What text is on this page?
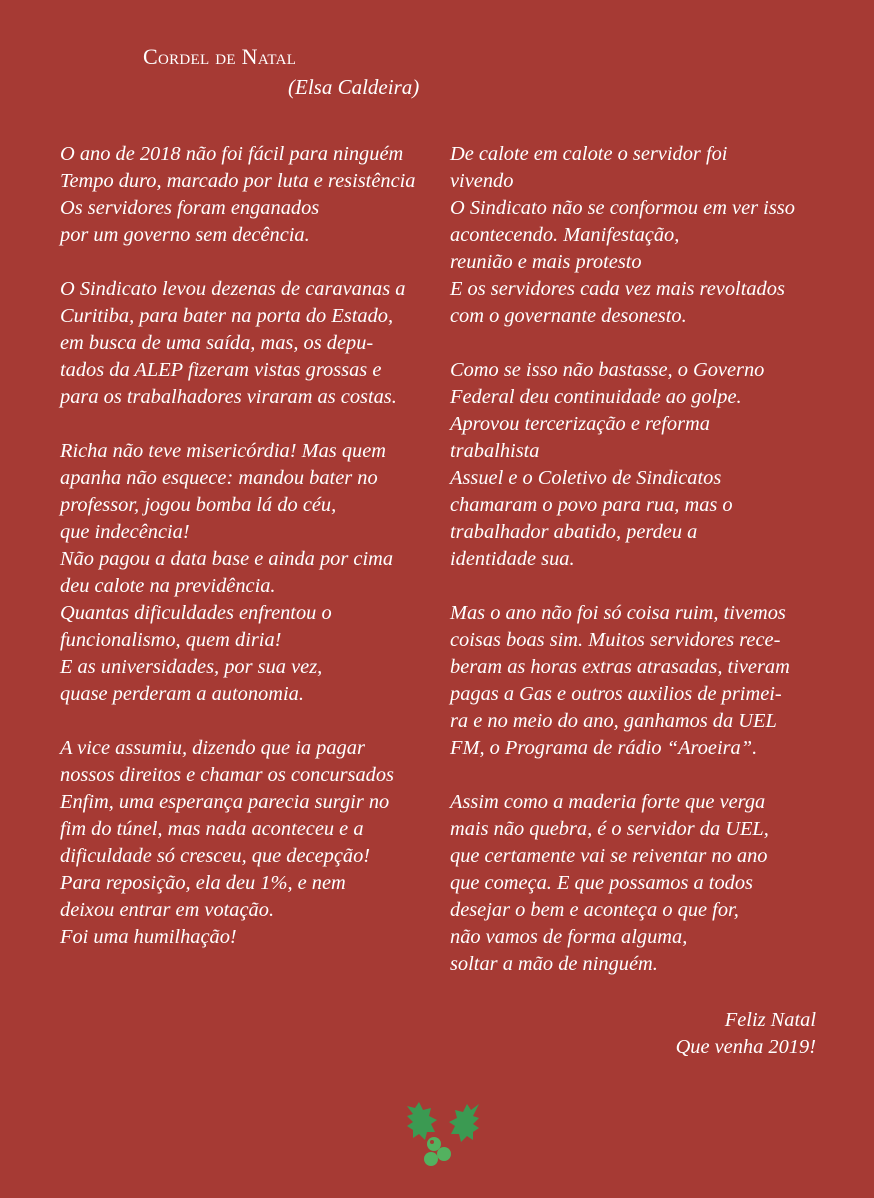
Cordel de Natal
(Elsa Caldeira)
O ano de 2018 não foi fácil para ninguém
Tempo duro, marcado por luta e resistência
Os servidores foram enganados
por um governo sem decência.
O Sindicato levou dezenas de caravanas a
Curitiba, para bater na porta do Estado,
em busca de uma saída, mas, os depu-
tados da ALEP fizeram vistas grossas e
para os trabalhadores viraram as costas.
Richa não teve misericórdia! Mas quem
apanha não esquece: mandou bater no
professor, jogou bomba lá do céu,
que indecência!
Não pagou a data base e ainda por cima
deu calote na previdência.
Quantas dificuldades enfrentou o
funcionalismo, quem diria!
E as universidades, por sua vez,
quase perderam a autonomia.
A vice assumiu, dizendo que ia pagar
nossos direitos e chamar os concursados
Enfim, uma esperança parecia surgir no
fim do túnel, mas nada aconteceu e a
dificuldade só cresceu, que decepção!
Para reposição, ela deu 1%, e nem
deixou entrar em votação.
Foi uma humilhação!
De calote em calote o servidor foi
vivendo
O Sindicato não se conformou em ver isso
acontecendo. Manifestação,
reunião e mais protesto
E os servidores cada vez mais revoltados
com o governante desonesto.
Como se isso não bastasse, o Governo
Federal deu continuidade ao golpe.
Aprovou tercerização e reforma
trabalhista
Assuel e o Coletivo de Sindicatos
chamaram o povo para rua, mas o
trabalhador abatido, perdeu a
identidade sua.
Mas o ano não foi só coisa ruim, tivemos
coisas boas sim. Muitos servidores rece-
beram as horas extras atrasadas, tiveram
pagas a Gas e outros auxilios de primei-
ra e no meio do ano, ganhamos da UEL
FM, o Programa de rádio “Aroeira”.
Assim como a maderia forte que verga
mais não quebra, é o servidor da UEL,
que certamente vai se reiventar no ano
que começa. E que possamos a todos
desejar o bem e aconteça o que for,
não vamos de forma alguma,
soltar a mão de ninguém.
Feliz Natal
Que venha 2019!
